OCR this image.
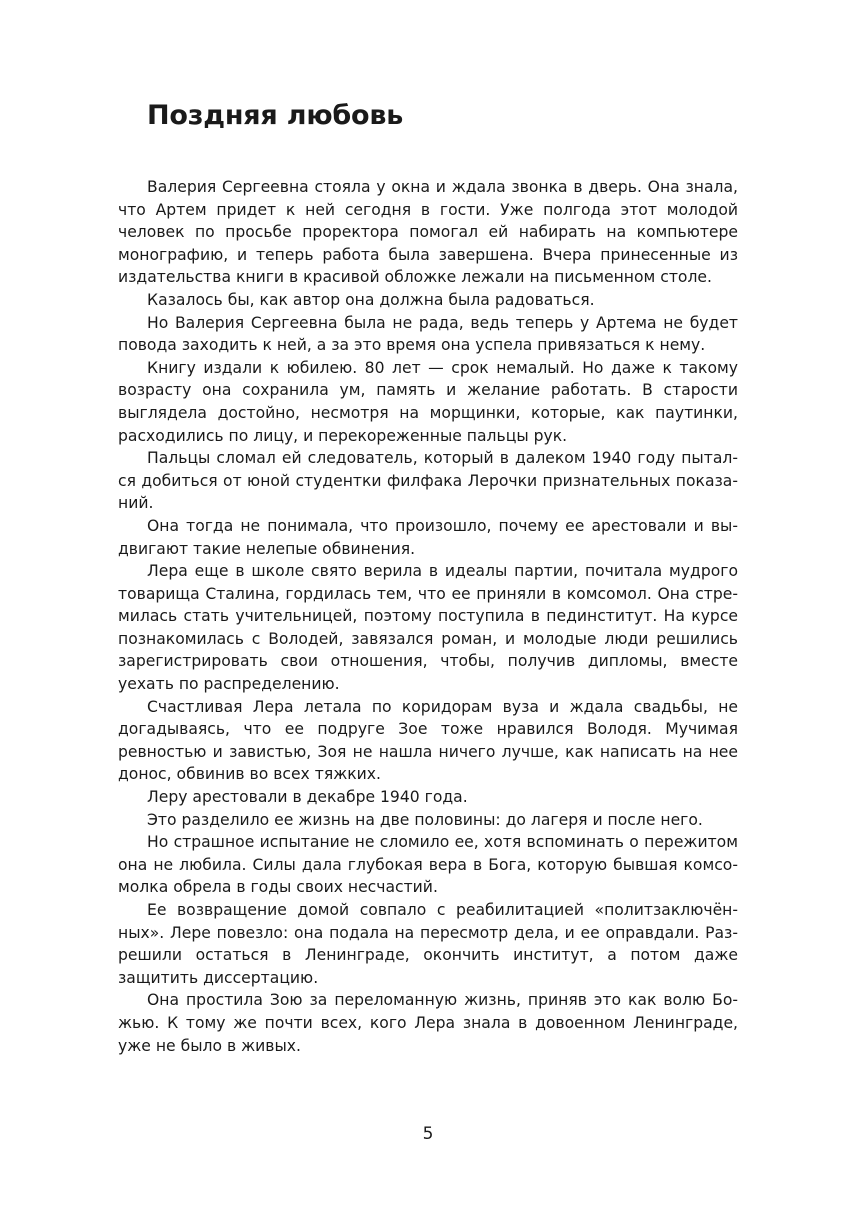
Поздняя любовь

Валерия Сергеевна стояла у окна и ждала звонка в дверь. Она знала, что Артем придет к ней сегодня в гости. Уже полгода этот молодой человек по просьбе проректора помогал ей набирать на компьютере монографию, и теперь работа была завершена. Вчера принесенные из издательства книги в красивой обложке лежали на письменном столе.

Казалось бы, как автор она должна была радоваться.

Но Валерия Сергеевна была не рада, ведь теперь у Артема не будет повода заходить к ней, а за это время она успела привязаться к нему.

Книгу издали к юбилею. 80 лет — срок немалый. Но даже к такому возрасту она сохранила ум, память и желание работать. В старости выглядела достойно, несмотря на морщинки, которые, как паутинки, расходились по лицу, и перекореженные пальцы рук.

Пальцы сломал ей следователь, который в далеком 1940 году пытался добиться от юной студентки филфака Лерочки признательных показаний.

Она тогда не понимала, что произошло, почему ее арестовали и выдвигают такие нелепые обвинения.

Лера еще в школе свято верила в идеалы партии, почитала мудрого товарища Сталина, гордилась тем, что ее приняли в комсомол. Она стремилась стать учительницей, поэтому поступила в пединститут. На курсе познакомилась с Володей, завязался роман, и молодые люди решились зарегистрировать свои отношения, чтобы, получив дипломы, вместе уехать по распределению.

Счастливая Лера летала по коридорам вуза и ждала свадьбы, не догадываясь, что ее подруге Зое тоже нравился Володя. Мучимая ревностью и завистью, Зоя не нашла ничего лучше, как написать на нее донос, обвинив во всех тяжких.

Леру арестовали в декабре 1940 года.

Это разделило ее жизнь на две половины: до лагеря и после него.

Но страшное испытание не сломило ее, хотя вспоминать о пережитом она не любила. Силы дала глубокая вера в Бога, которую бывшая комсомолка обрела в годы своих несчастий.

Ее возвращение домой совпало с реабилитацией «политзаключённых». Лере повезло: она подала на пересмотр дела, и ее оправдали. Разрешили остаться в Ленинграде, окончить институт, а потом даже защитить диссертацию.

Она простила Зою за переломанную жизнь, приняв это как волю Божью. К тому же почти всех, кого Лера знала в довоенном Ленинграде, уже не было в живых.

5
